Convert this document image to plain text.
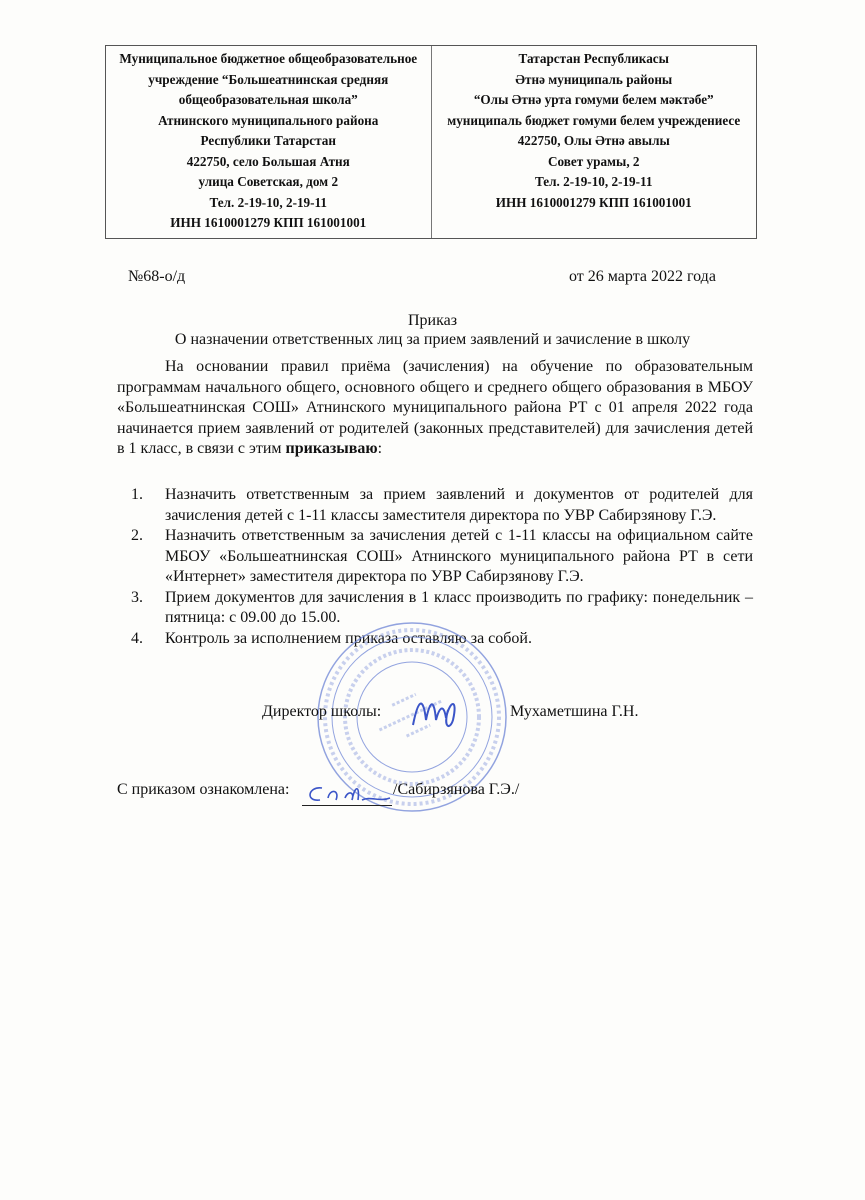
Муниципальное бюджетное общеобразовательное
учреждение “Большеатнинская средняя
общеобразовательная школа”
Атнинского муниципального района
Республики Татарстан
422750, село Большая Атня
улица Советская, дом 2
Тел. 2-19-10, 2-19-11
ИНН 1610001279 КПП 161001001
Татарстан Республикасы
Әтнә муниципаль районы
“Олы Әтнә урта гомуми белем мәктәбе”
муниципаль бюджет гомуми белем учреждениесе
422750, Олы Әтнә авылы
Совет урамы, 2
Тел. 2-19-10, 2-19-11
ИНН 1610001279 КПП 161001001
№68-о/д	от 26 марта 2022 года
Приказ
О назначении ответственных лиц за прием заявлений и зачисление в школу
На основании правил приёма (зачисления) на обучение по образовательным программам начального общего, основного общего и среднего общего образования в МБОУ «Большеатнинская СОШ» Атнинского муниципального района РТ с 01 апреля 2022 года начинается прием заявлений от родителей (законных представителей) для зачисления детей в 1 класс, в связи с этим приказываю:
1. Назначить ответственным за прием заявлений и документов от родителей для зачисления детей с 1-11 классы заместителя директора по УВР Сабирзянову Г.Э.
2. Назначить ответственным за зачисления детей с 1-11 классы на официальном сайте МБОУ «Большеатнинская СОШ» Атнинского муниципального района РТ в сети «Интернет» заместителя директора по УВР Сабирзянову Г.Э.
3. Прием документов для зачисления в 1 класс производить по графику: понедельник – пятница: с 09.00 до 15.00.
4. Контроль за исполнением приказа оставляю за собой.
Директор школы:	Мухаметшина Г.Н.
С приказом ознакомлена:	/Сабирзянова Г.Э./
